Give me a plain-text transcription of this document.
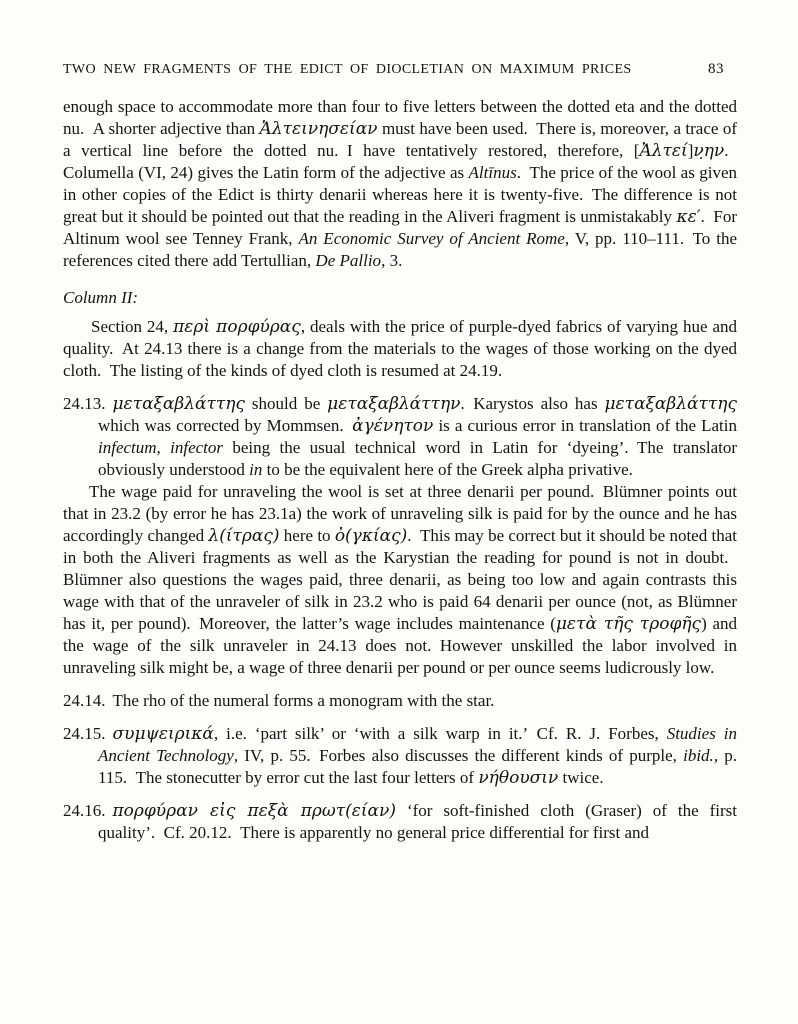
TWO NEW FRAGMENTS OF THE EDICT OF DIOCLETIAN ON MAXIMUM PRICES	83

enough space to accommodate more than four to five letters between the dotted eta and the dotted nu. A shorter adjective than Ἀλτεινησείαν must have been used. There is, moreover, a trace of a vertical line before the dotted nu. I have tentatively restored, therefore, [Ἀλτεί]ν̣ην. Columella (VI, 24) gives the Latin form of the adjective as Altīnus. The price of the wool as given in other copies of the Edict is thirty denarii whereas here it is twenty-five. The difference is not great but it should be pointed out that the reading in the Aliveri fragment is unmistakably κε′. For Altinum wool see Tenney Frank, An Economic Survey of Ancient Rome, V, pp. 110–111. To the references cited there add Tertullian, De Pallio, 3.

Column II:

Section 24, περὶ πορφύρας, deals with the price of purple-dyed fabrics of varying hue and quality. At 24.13 there is a change from the materials to the wages of those working on the dyed cloth. The listing of the kinds of dyed cloth is resumed at 24.19.

24.13. μεταξαβλάττης should be μεταξαβλάττην. Karystos also has μεταξαβλάττης which was corrected by Mommsen. ἀγένητον is a curious error in translation of the Latin infectum, infector being the usual technical word in Latin for ‘dyeing’. The translator obviously understood in to be the equivalent here of the Greek alpha privative.

The wage paid for unraveling the wool is set at three denarii per pound. Blümner points out that in 23.2 (by error he has 23.1a) the work of unraveling silk is paid for by the ounce and he has accordingly changed λ(ίτρας) here to ὀ(γκίας). This may be correct but it should be noted that in both the Aliveri fragments as well as the Karystian the reading for pound is not in doubt. Blümner also questions the wages paid, three denarii, as being too low and again contrasts this wage with that of the unraveler of silk in 23.2 who is paid 64 denarii per ounce (not, as Blümner has it, per pound). Moreover, the latter’s wage includes maintenance (μετὰ τῆς τροφῆς) and the wage of the silk unraveler in 24.13 does not. However unskilled the labor involved in unraveling silk might be, a wage of three denarii per pound or per ounce seems ludicrously low.

24.14. The rho of the numeral forms a monogram with the star.

24.15. συμψειρικά, i.e. ‘part silk’ or ‘with a silk warp in it.’ Cf. R. J. Forbes, Studies in Ancient Technology, IV, p. 55. Forbes also discusses the different kinds of purple, ibid., p. 115. The stonecutter by error cut the last four letters of νήθουσιν twice.

24.16. πορφύραν εἰς πεξὰ πρωτ(είαν) ‘for soft-finished cloth (Graser) of the first quality’. Cf. 20.12. There is apparently no general price differential for first and
